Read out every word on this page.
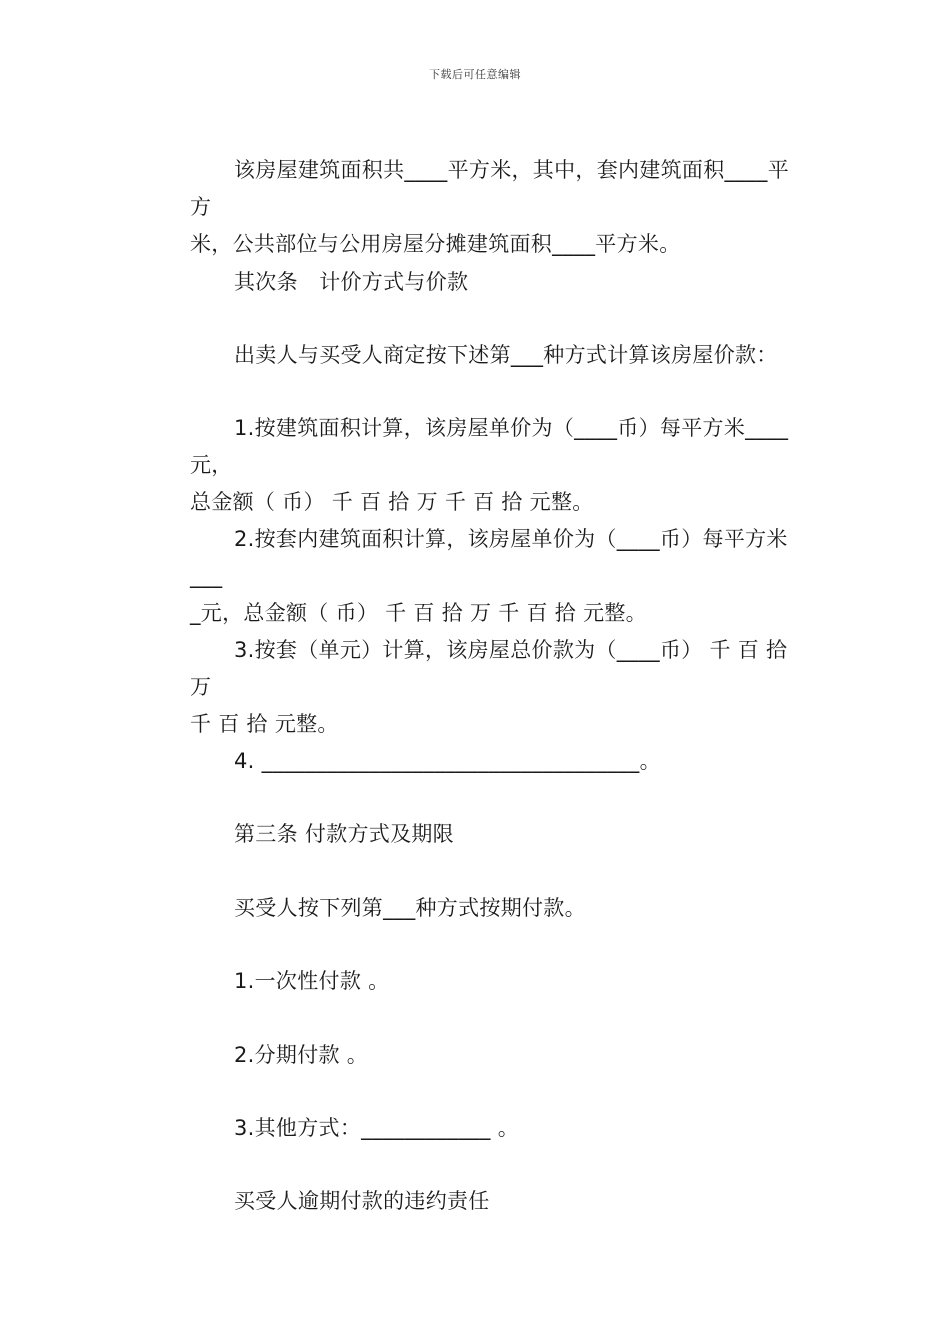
下载后可任意编辑
该房屋建筑面积共____平方米，其中，套内建筑面积____平方
米，公共部位与公用房屋分摊建筑面积____平方米。
其次条　计价方式与价款
出卖人与买受人商定按下述第___种方式计算该房屋价款：
1.按建筑面积计算，该房屋单价为（____币）每平方米____元，
总金额（ 币） 千 百 拾 万 千 百 拾 元整。
2.按套内建筑面积计算，该房屋单价为（____币）每平方米___
_元，总金额（ 币） 千 百 拾 万 千 百 拾 元整。
3.按套（单元）计算，该房屋总价款为（____币） 千 百 拾 万
千 百 拾 元整。
4. ___________________________________。
第三条 付款方式及期限
买受人按下列第___种方式按期付款。
1.一次性付款 。
2.分期付款 。
3.其他方式：____________ 。
买受人逾期付款的违约责任
